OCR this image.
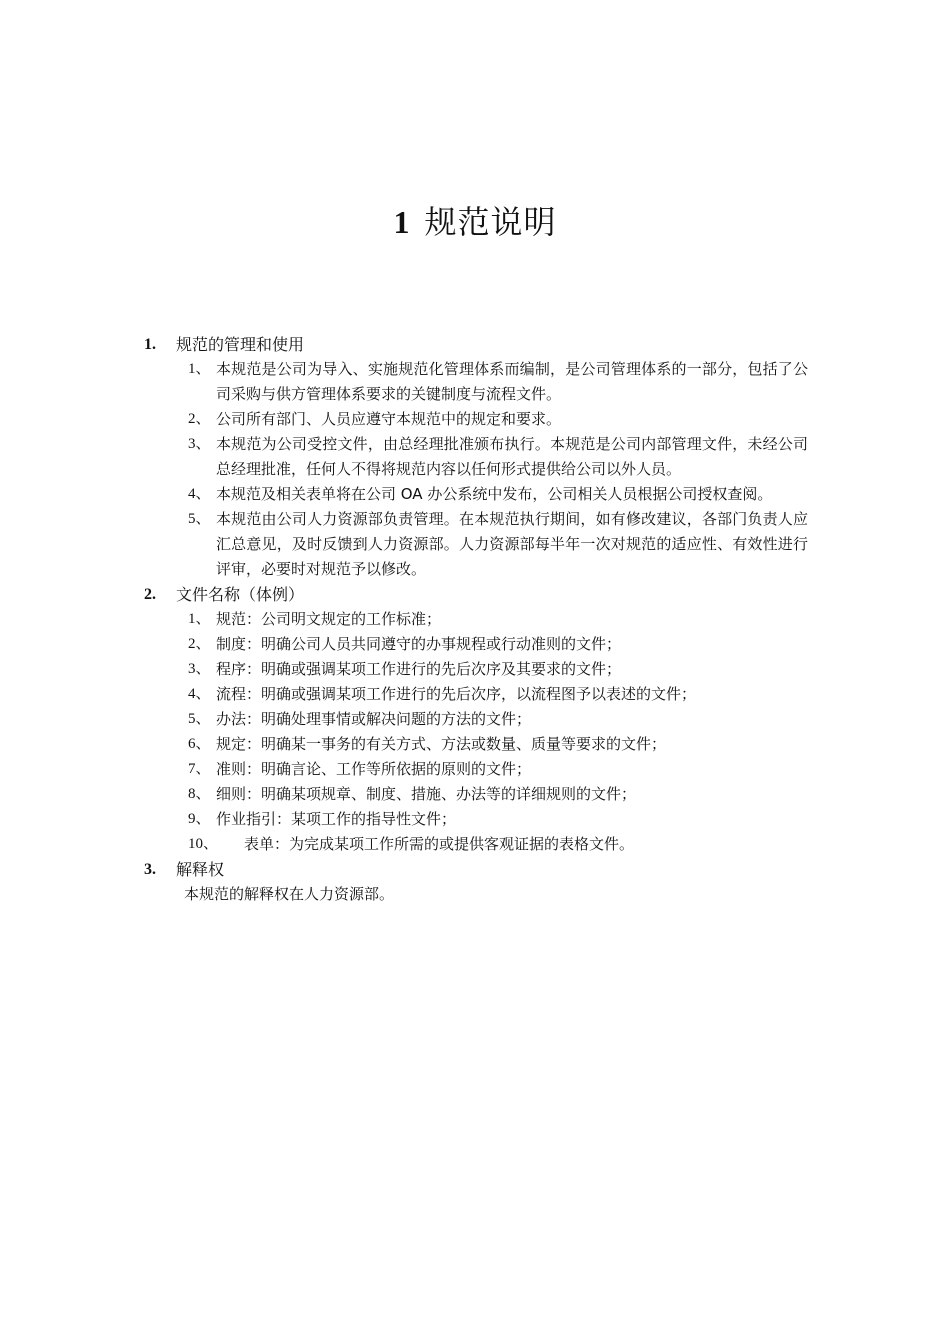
1 规范说明
1. 规范的管理和使用
1、 本规范是公司为导入、实施规范化管理体系而编制，是公司管理体系的一部分，包括了公司采购与供方管理体系要求的关键制度与流程文件。
2、 公司所有部门、人员应遵守本规范中的规定和要求。
3、 本规范为公司受控文件，由总经理批准颁布执行。本规范是公司内部管理文件，未经公司总经理批准，任何人不得将规范内容以任何形式提供给公司以外人员。
4、 本规范及相关表单将在公司 OA 办公系统中发布，公司相关人员根据公司授权查阅。
5、 本规范由公司人力资源部负责管理。在本规范执行期间，如有修改建议，各部门负责人应汇总意见，及时反馈到人力资源部。人力资源部每半年一次对规范的适应性、有效性进行评审，必要时对规范予以修改。
2. 文件名称（体例）
1、 规范：公司明文规定的工作标准；
2、 制度：明确公司人员共同遵守的办事规程或行动准则的文件；
3、 程序：明确或强调某项工作进行的先后次序及其要求的文件；
4、 流程：明确或强调某项工作进行的先后次序，以流程图予以表述的文件；
5、 办法：明确处理事情或解决问题的方法的文件；
6、 规定：明确某一事务的有关方式、方法或数量、质量等要求的文件；
7、 准则：明确言论、工作等所依据的原则的文件；
8、 细则：明确某项规章、制度、措施、办法等的详细规则的文件；
9、 作业指引：某项工作的指导性文件；
10、 表单：为完成某项工作所需的或提供客观证据的表格文件。
3. 解释权
本规范的解释权在人力资源部。
